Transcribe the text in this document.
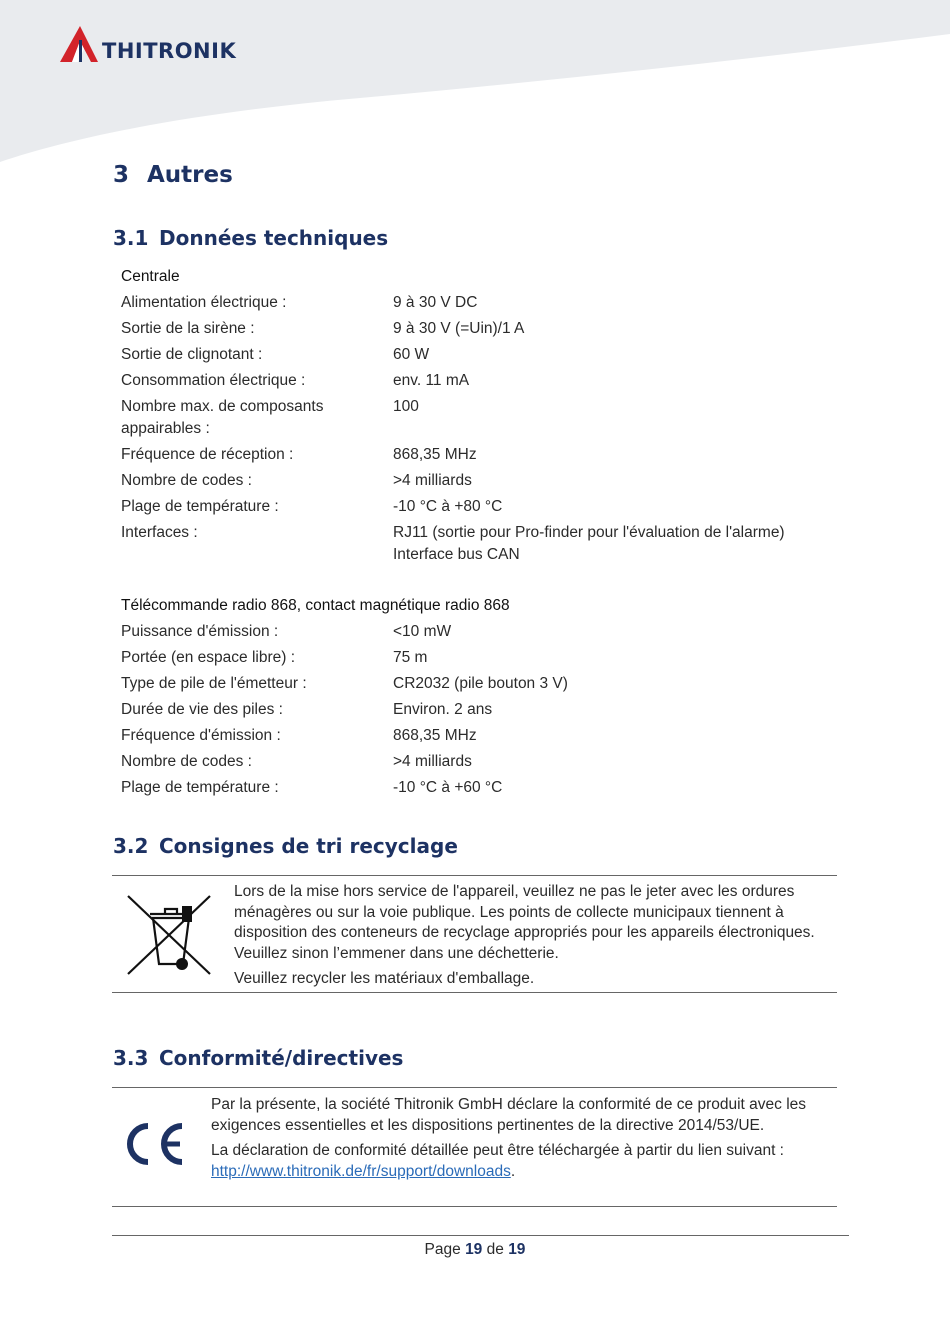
THITRONIK
3 Autres
3.1 Données techniques
Centrale
Alimentation électrique :	9 à 30 V DC
Sortie de la sirène :	9 à 30 V (=Uin)/1 A
Sortie de clignotant :	60 W
Consommation électrique :	env. 11 mA
Nombre max. de composants appairables :
100
Fréquence de réception :	868,35 MHz
Nombre de codes :	>4 milliards
Plage de température :	-10 °C à +80 °C
Interfaces :	RJ11 (sortie pour Pro-finder pour l'évaluation de l'alarme)
Interface bus CAN
Télécommande radio 868, contact magnétique radio 868
Puissance d'émission :	<10 mW
Portée (en espace libre) :	75 m
Type de pile de l'émetteur :	CR2032 (pile bouton 3 V)
Durée de vie des piles :	Environ. 2 ans
Fréquence d'émission :	868,35 MHz
Nombre de codes :	>4 milliards
Plage de température :	-10 °C à +60 °C
3.2 Consignes de tri recyclage

Lors de la mise hors service de l'appareil, veuillez ne pas le jeter avec les ordures ménagères ou sur la voie publique. Les points de collecte municipaux tiennent à disposition des conteneurs de recyclage appropriés pour les appareils électroniques. Veuillez sinon l’emmener dans une déchetterie.

Veuillez recycler les matériaux d'emballage.

3.3 Conformité/directives

Par la présente, la société Thitronik GmbH déclare la conformité de ce produit avec les exigences essentielles et les dispositions pertinentes de la directive 2014/53/UE.

La déclaration de conformité détaillée peut être téléchargée à partir du lien suivant : http://www.thitronik.de/fr/support/downloads.

Page 19 de 19
